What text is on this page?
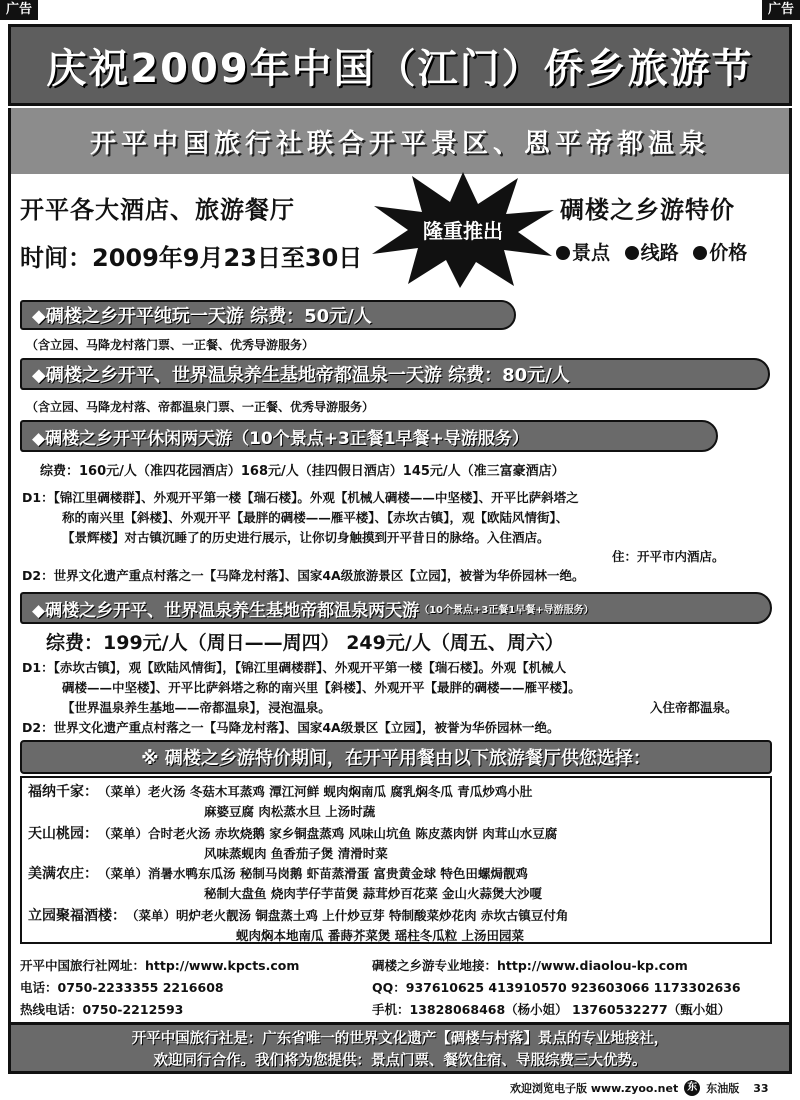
广告	广告
庆祝2009年中国（江门）侨乡旅游节
开平中国旅行社联合开平景区、恩平帝都温泉
开平各大酒店、旅游餐厅
时间：2009年9月23日至30日
隆重推出
碉楼之乡游特价
景点 线路 价格
◆碉楼之乡开平纯玩一天游 综费：50元/人
（含立园、马降龙村落门票、一正餐、优秀导游服务）
◆碉楼之乡开平、世界温泉养生基地帝都温泉一天游 综费：80元/人
（含立园、马降龙村落、帝都温泉门票、一正餐、优秀导游服务）
◆碉楼之乡开平休闲两天游（10个景点+3正餐1早餐+导游服务）
综费：160元/人（准四花园酒店）168元/人（挂四假日酒店）145元/人（准三富豪酒店）
D1：【锦江里碉楼群】、外观开平第一楼【瑞石楼】。外观【机械人碉楼——中坚楼】、开平比萨斜塔之
称的南兴里【斜楼】、外观开平【最胖的碉楼——雁平楼】、【赤坎古镇】，观【欧陆风情街】、
【景辉楼】对古镇沉睡了的历史进行展示，让你切身触摸到开平昔日的脉络。入住酒店。
住：开平市内酒店。
D2：世界文化遗产重点村落之一【马降龙村落】、国家4A级旅游景区【立园】，被誉为华侨园林一绝。
◆碉楼之乡开平、世界温泉养生基地帝都温泉两天游 （10个景点+3正餐1早餐+导游服务）
综费：199元/人（周日——周四） 249元/人（周五、周六）
D1：【赤坎古镇】，观【欧陆风情街】，【锦江里碉楼群】、外观开平第一楼【瑞石楼】。外观【机械人
碉楼——中坚楼】、开平比萨斜塔之称的南兴里【斜楼】、外观开平【最胖的碉楼——雁平楼】。
【世界温泉养生基地——帝都温泉】，浸泡温泉。	入住帝都温泉。
D2：世界文化遗产重点村落之一【马降龙村落】、国家4A级景区【立园】，被誉为华侨园林一绝。
※ 碉楼之乡游特价期间，在开平用餐由以下旅游餐厅供您选择：
福纳千家：（菜单）老火汤 冬菇木耳蒸鸡 潭江河鲜 蚬肉焖南瓜 腐乳焖冬瓜 青瓜炒鸡小肚
麻婆豆腐 肉松蒸水旦 上汤时蔬
天山桃园：（菜单）合时老火汤 赤坎烧鹅 家乡铜盘蒸鸡 风味山坑鱼 陈皮蒸肉饼 肉茸山水豆腐
风味蒸蚬肉 鱼香茄子煲 清滑时菜
美满农庄：（菜单）消暑水鸭东瓜汤 秘制马岗鹅 虾苗蒸滑蛋 富贵黄金球 特色田螺焗靓鸡
秘制大盘鱼 烧肉芋仔芋苗煲 蒜茸炒百花菜 金山火蒜煲大沙嗄
立园聚福酒楼：（菜单）明炉老火靓汤 铜盘蒸土鸡 上什炒豆芽 特制酸菜炒花肉 赤坎古镇豆付角
蚬肉焖本地南瓜 番蒔芥菜煲 瑶柱冬瓜粒 上汤田园菜
开平中国旅行社网址：http://www.kpcts.com	碉楼之乡游专业地接：http://www.diaolou-kp.com
电话：0750-2233355 2216608	QQ：937610625 413910570 923603066 1173302636
热线电话：0750-2212593	手机：13828068468（杨小姐） 13760532277（甄小姐）
开平中国旅行社是：广东省唯一的世界文化遗产【碉楼与村落】景点的专业地接社，
欢迎同行合作。我们将为您提供：景点门票、餐饮住宿、导服综费三大优势。
欢迎浏览电子版 www.zyoo.net 东 东油版 33
